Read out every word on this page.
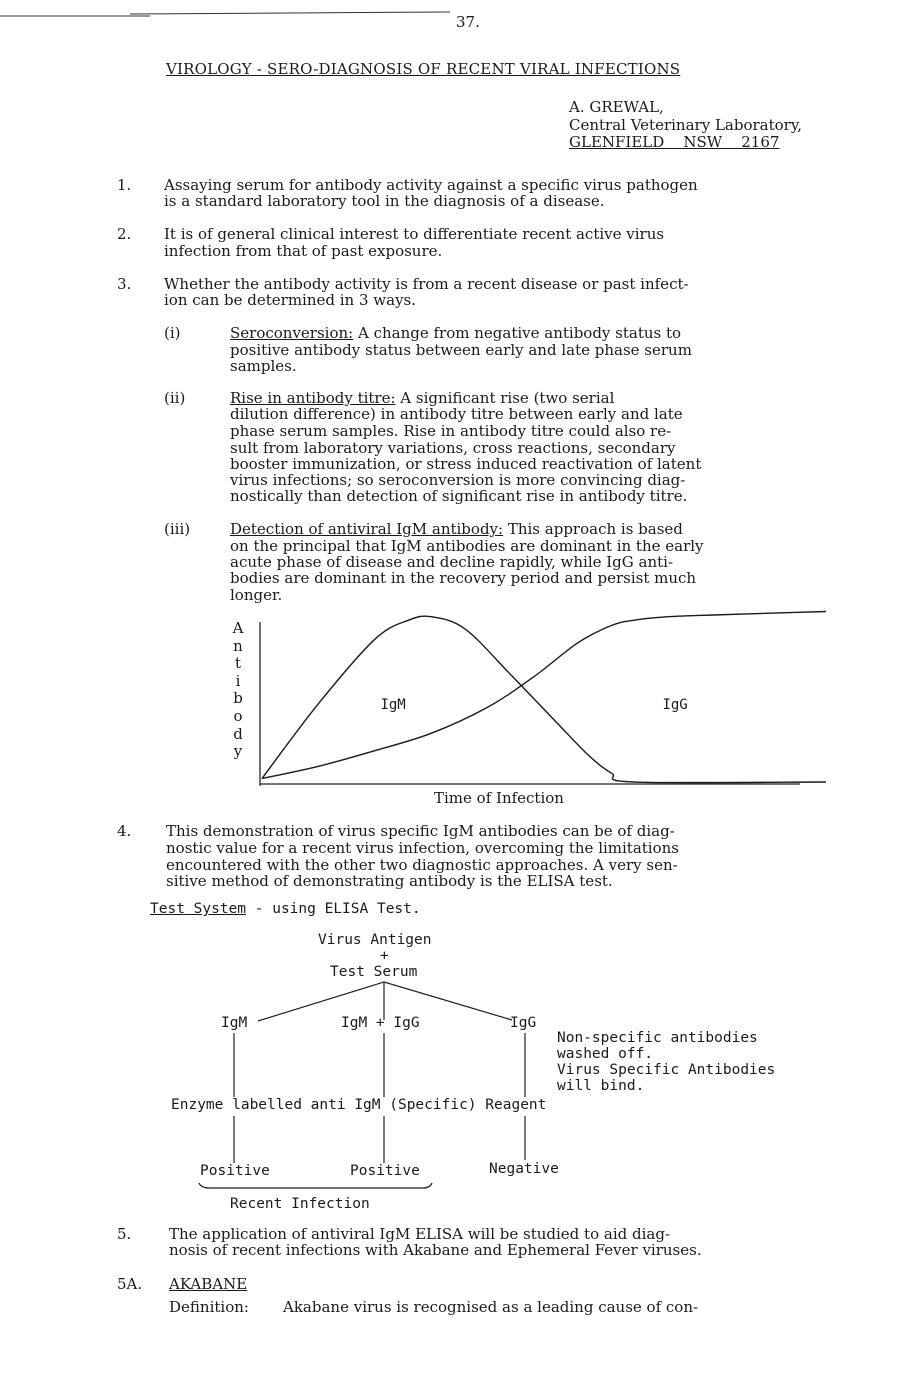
37.
VIROLOGY - SERO-DIAGNOSIS OF RECENT VIRAL INFECTIONS
A. GREWAL,
Central Veterinary Laboratory,
GLENFIELD    NSW    2167
1. Assaying serum for antibody activity against a specific virus pathogen
is a standard laboratory tool in the diagnosis of a disease.
2. It is of general clinical interest to differentiate recent active virus
infection from that of past exposure.
3. Whether the antibody activity is from a recent disease or past infect-
ion can be determined in 3 ways.
(i)	Seroconversion: A change from negative antibody status to
positive antibody status between early and late phase serum
samples.
(ii)	Rise in antibody titre: A significant rise (two serial
dilution difference) in antibody titre between early and late
phase serum samples. Rise in antibody titre could also re-
sult from laboratory variations, cross reactions, secondary
booster immunization, or stress induced reactivation of latent
virus infections; so seroconversion is more convincing diag-
nostically than detection of significant rise in antibody titre.
(iii)	Detection of antiviral IgM antibody: This approach is based
on the principal that IgM antibodies are dominant in the early
acute phase of disease and decline rapidly, while IgG anti-
bodies are dominant in the recovery period and persist much
longer.
IgM	IgG
A
n
t
i
b
o
d
y
Time of Infection
4. This demonstration of virus specific IgM antibodies can be of diag-
nostic value for a recent virus infection, overcoming the limitations
encountered with the other two diagnostic approaches. A very sen-
sitive method of demonstrating antibody is the ELISA test.
Test System - using ELISA Test.
Virus Antigen
+
Test Serum
IgM	IgM + IgG	IgG
Non-specific antibodies
washed off.
Virus Specific Antibodies
will bind.
Enzyme labelled anti IgM (Specific) Reagent
Positive	Positive	Negative
Recent Infection
5.	The application of antiviral IgM ELISA will be studied to aid diag-
nosis of recent infections with Akabane and Ephemeral Fever viruses.
5A. AKABANE
Definition: Akabane virus is recognised as a leading cause of con-
